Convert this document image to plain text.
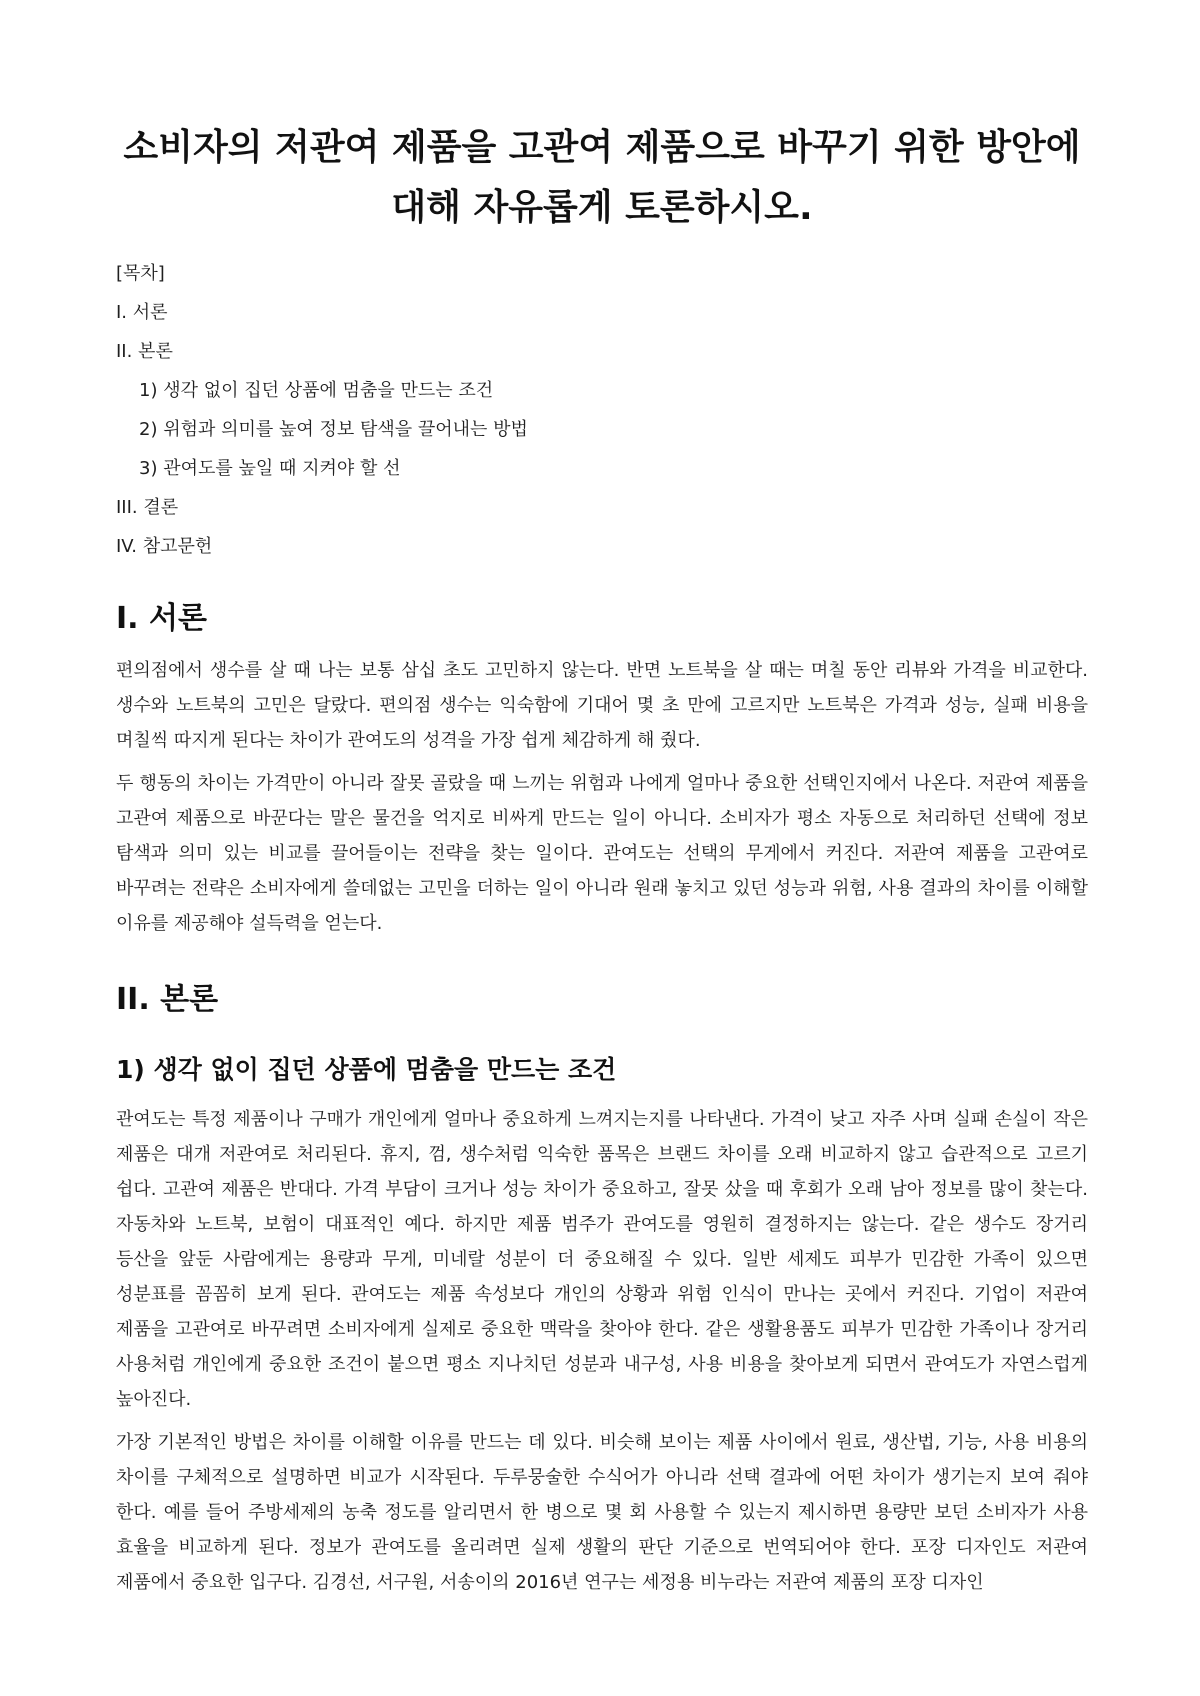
소비자의 저관여 제품을 고관여 제품으로 바꾸기 위한 방안에
대해 자유롭게 토론하시오.
[목차]
I. 서론
II. 본론
1) 생각 없이 집던 상품에 멈춤을 만드는 조건
2) 위험과 의미를 높여 정보 탐색을 끌어내는 방법
3) 관여도를 높일 때 지켜야 할 선
III. 결론
IV. 참고문헌
I. 서론

편의점에서 생수를 살 때 나는 보통 삼십 초도 고민하지 않는다. 반면 노트북을 살 때는 며칠 동안 리뷰와 가격을 비교한다. 생수와 노트북의 고민은 달랐다. 편의점 생수는 익숙함에 기대어 몇 초 만에 고르지만 노트북은 가격과 성능, 실패 비용을 며칠씩 따지게 된다는 차이가 관여도의 성격을 가장 쉽게 체감하게 해 줬다.

두 행동의 차이는 가격만이 아니라 잘못 골랐을 때 느끼는 위험과 나에게 얼마나 중요한 선택인지에서 나온다. 저관여 제품을 고관여 제품으로 바꾼다는 말은 물건을 억지로 비싸게 만드는 일이 아니다. 소비자가 평소 자동으로 처리하던 선택에 정보 탐색과 의미 있는 비교를 끌어들이는 전략을 찾는 일이다. 관여도는 선택의 무게에서 커진다. 저관여 제품을 고관여로 바꾸려는 전략은 소비자에게 쓸데없는 고민을 더하는 일이 아니라 원래 놓치고 있던 성능과 위험, 사용 결과의 차이를 이해할 이유를 제공해야 설득력을 얻는다.

II. 본론
1) 생각 없이 집던 상품에 멈춤을 만드는 조건

관여도는 특정 제품이나 구매가 개인에게 얼마나 중요하게 느껴지는지를 나타낸다. 가격이 낮고 자주 사며 실패 손실이 작은 제품은 대개 저관여로 처리된다. 휴지, 껌, 생수처럼 익숙한 품목은 브랜드 차이를 오래 비교하지 않고 습관적으로 고르기 쉽다. 고관여 제품은 반대다. 가격 부담이 크거나 성능 차이가 중요하고, 잘못 샀을 때 후회가 오래 남아 정보를 많이 찾는다. 자동차와 노트북, 보험이 대표적인 예다. 하지만 제품 범주가 관여도를 영원히 결정하지는 않는다. 같은 생수도 장거리 등산을 앞둔 사람에게는 용량과 무게, 미네랄 성분이 더 중요해질 수 있다. 일반 세제도 피부가 민감한 가족이 있으면 성분표를 꼼꼼히 보게 된다. 관여도는 제품 속성보다 개인의 상황과 위험 인식이 만나는 곳에서 커진다. 기업이 저관여 제품을 고관여로 바꾸려면 소비자에게 실제로 중요한 맥락을 찾아야 한다. 같은 생활용품도 피부가 민감한 가족이나 장거리 사용처럼 개인에게 중요한 조건이 붙으면 평소 지나치던 성분과 내구성, 사용 비용을 찾아보게 되면서 관여도가 자연스럽게 높아진다.

가장 기본적인 방법은 차이를 이해할 이유를 만드는 데 있다. 비슷해 보이는 제품 사이에서 원료, 생산법, 기능, 사용 비용의 차이를 구체적으로 설명하면 비교가 시작된다. 두루뭉술한 수식어가 아니라 선택 결과에 어떤 차이가 생기는지 보여 줘야 한다. 예를 들어 주방세제의 농축 정도를 알리면서 한 병으로 몇 회 사용할 수 있는지 제시하면 용량만 보던 소비자가 사용 효율을 비교하게 된다. 정보가 관여도를 올리려면 실제 생활의 판단 기준으로 번역되어야 한다. 포장 디자인도 저관여 제품에서 중요한 입구다. 김경선, 서구원, 서송이의 2016년 연구는 세정용 비누라는 저관여 제품의 포장 디자인
